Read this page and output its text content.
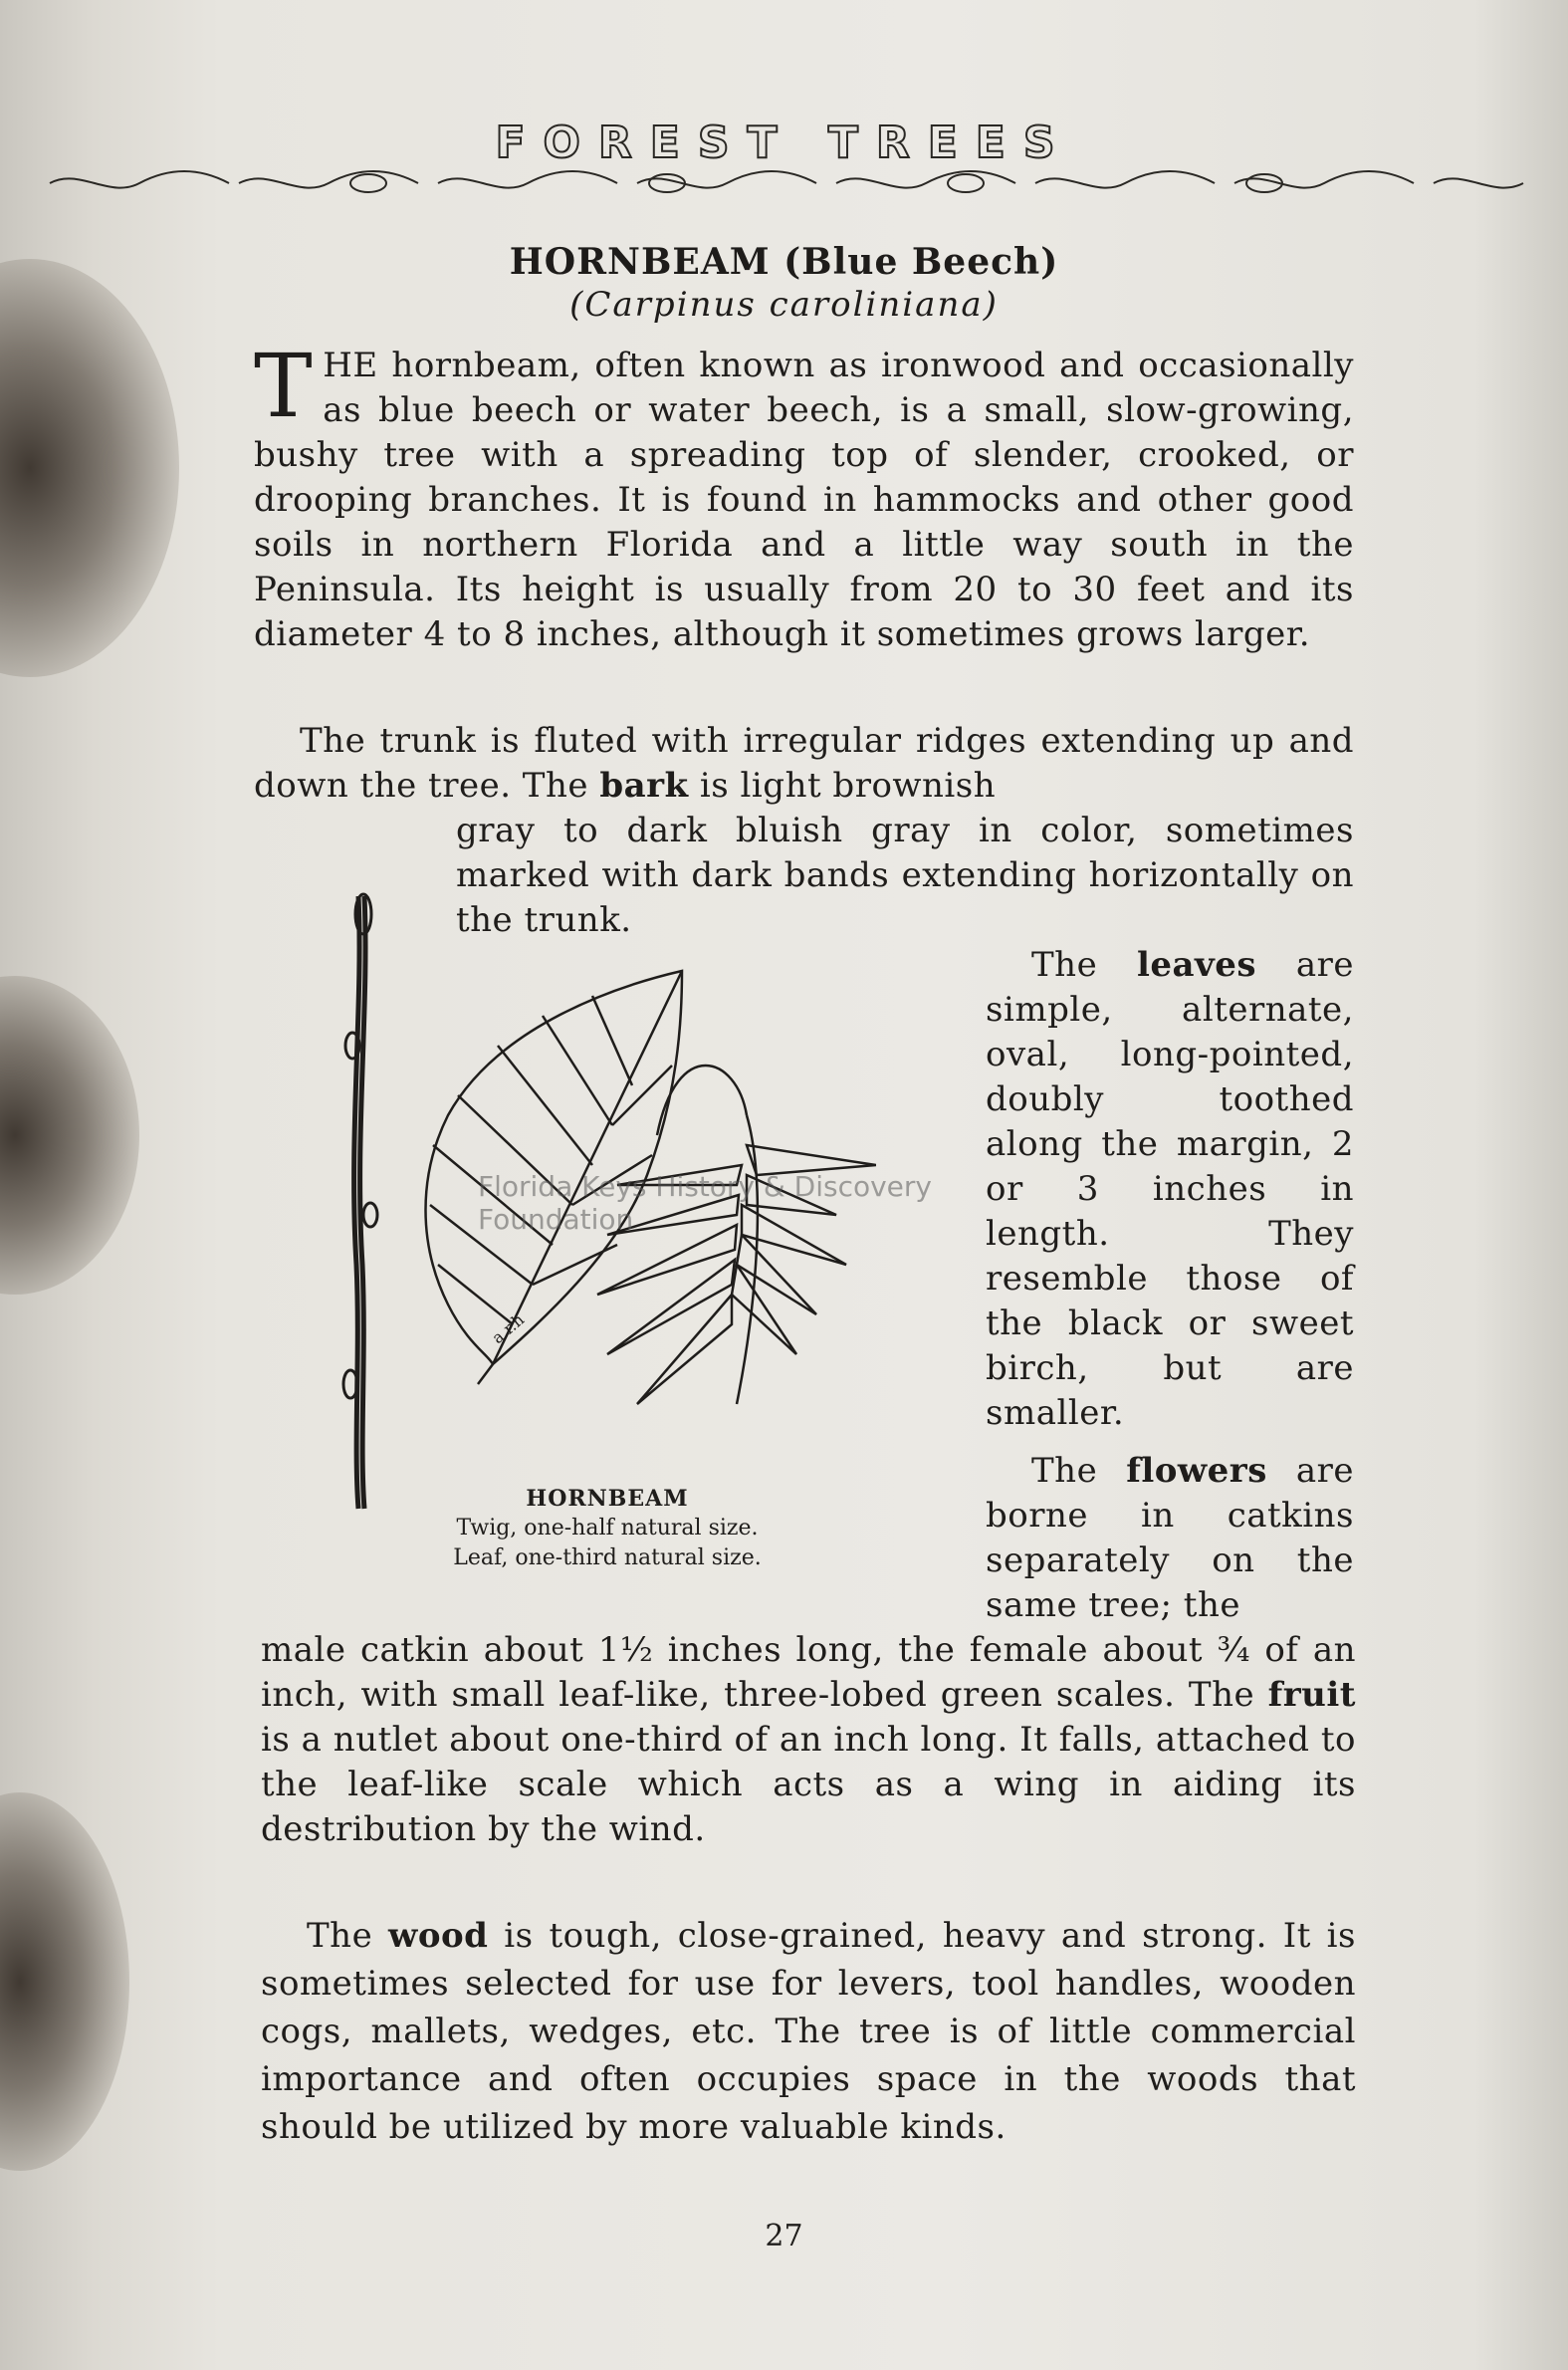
FOREST TREES
HORNBEAM (Blue Beech)
(Carpinus caroliniana)

THE hornbeam, often known as ironwood and occasionally as blue beech or water beech, is a small, slow-growing, bushy tree with a spreading top of slender, crooked, or drooping branches. It is found in hammocks and other good soils in northern Florida and a little way south in the Peninsula. Its height is usually from 20 to 30 feet and its diameter 4 to 8 inches, although it sometimes grows larger.

The trunk is fluted with irregular ridges extending up and down the tree. The bark is light brownish

gray to dark bluish gray in color, sometimes marked with dark bands extending horizontally on the trunk.

The leaves are simple, alternate, oval, long-pointed, doubly toothed along the margin, 2 or 3 inches in length. They resemble those of the black or sweet birch, but are smaller.

The flowers are borne in catkins separately on the same tree; the

male catkin about 1½ inches long, the female about ¾ of an inch, with small leaf-like, three-lobed green scales. The fruit is a nutlet about one-third of an inch long. It falls, attached to the leaf-like scale which acts as a wing in aiding its destribution by the wind.

The wood is tough, close-grained, heavy and strong. It is sometimes selected for use for levers, tool handles, wooden cogs, mallets, wedges, etc. The tree is of little commercial importance and often occupies space in the woods that should be utilized by more valuable kinds.

a.r.h
HORNBEAM
Twig, one-half natural size.
Leaf, one-third natural size.
Florida Keys History & Discovery Foundation
27
